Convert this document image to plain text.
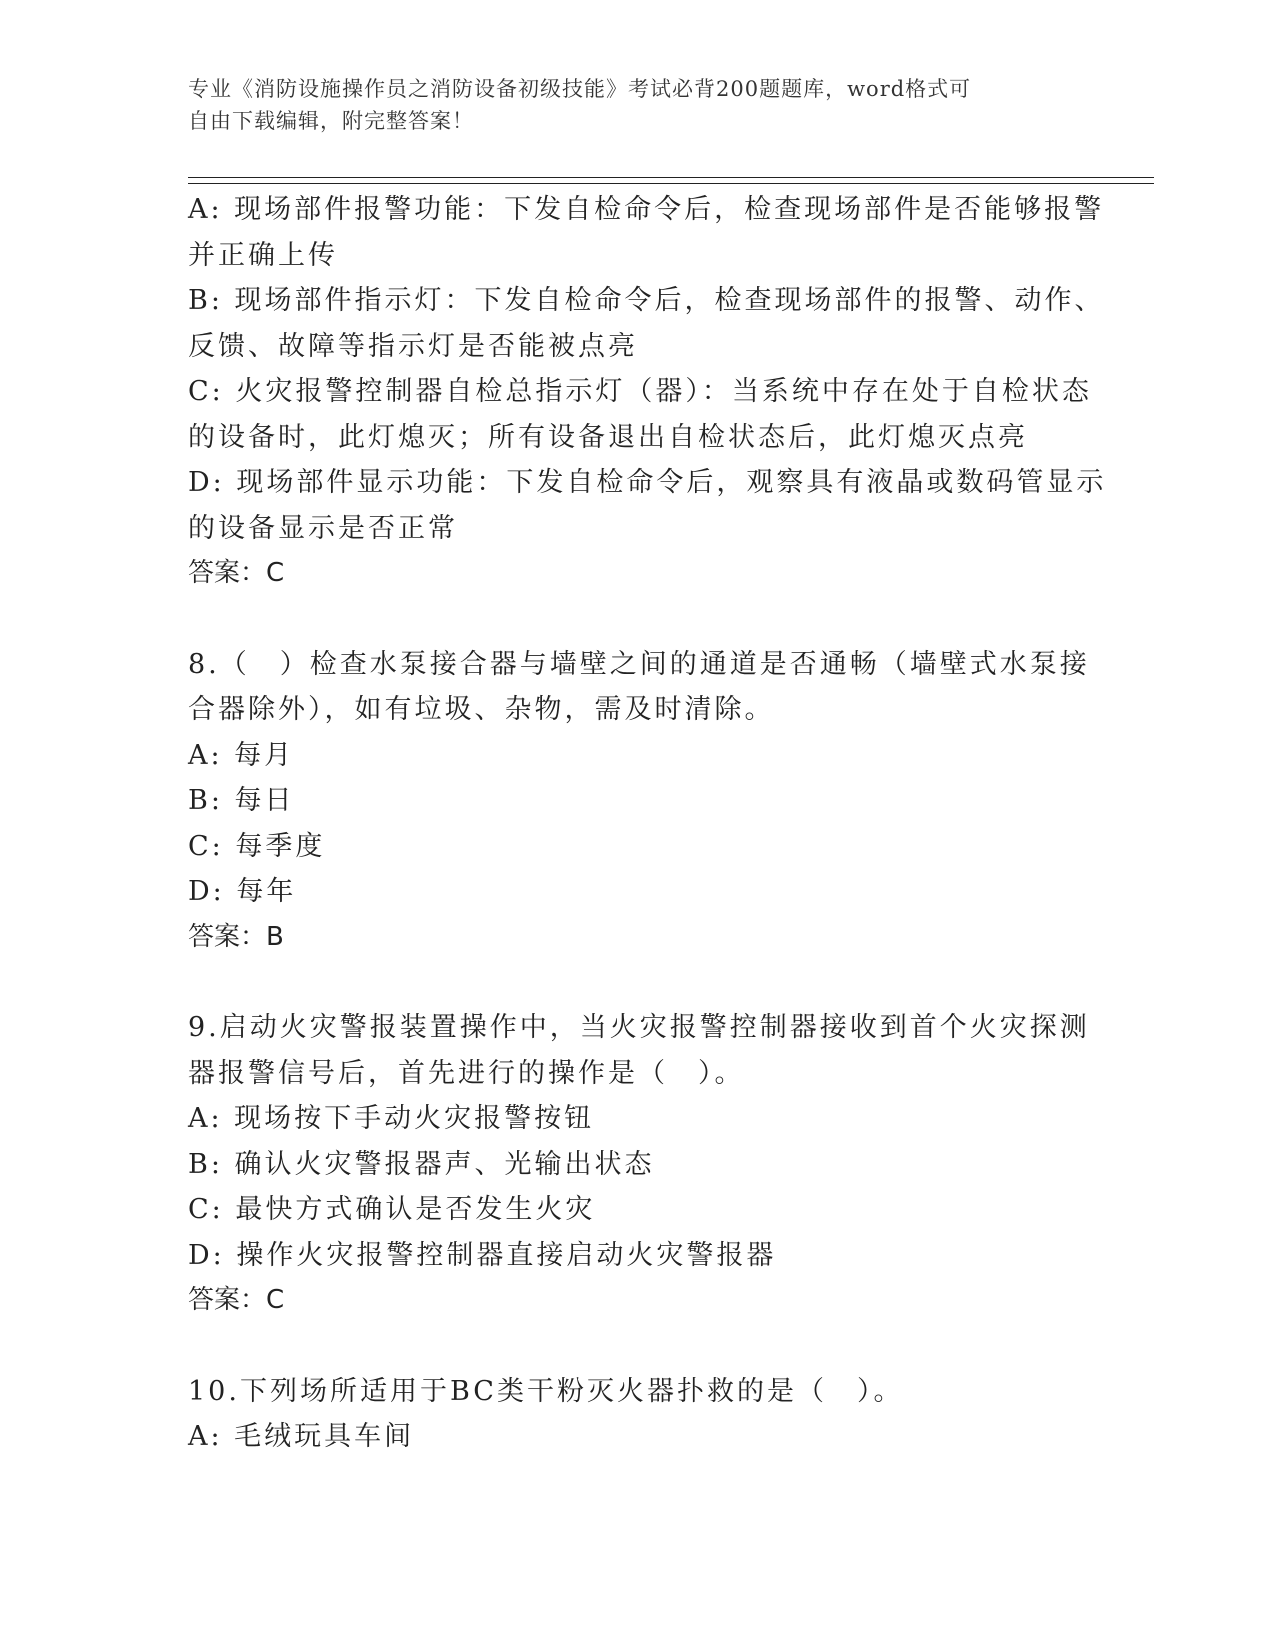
专业《消防设施操作员之消防设备初级技能》考试必背200题题库，word格式可
自由下载编辑，附完整答案！
A: 现场部件报警功能：下发自检命令后，检查现场部件是否能够报警
并正确上传
B: 现场部件指示灯：下发自检命令后，检查现场部件的报警、动作、
反馈、故障等指示灯是否能被点亮
C: 火灾报警控制器自检总指示灯（器）：当系统中存在处于自检状态
的设备时，此灯熄灭；所有设备退出自检状态后，此灯熄灭点亮
D: 现场部件显示功能：下发自检命令后，观察具有液晶或数码管显示
的设备显示是否正常
答案：C
8.（　）检查水泵接合器与墙壁之间的通道是否通畅（墙壁式水泵接
合器除外），如有垃圾、杂物，需及时清除。
A: 每月
B: 每日
C: 每季度
D: 每年
答案：B
9.启动火灾警报装置操作中，当火灾报警控制器接收到首个火灾探测
器报警信号后，首先进行的操作是（　）。
A: 现场按下手动火灾报警按钮
B: 确认火灾警报器声、光输出状态
C: 最快方式确认是否发生火灾
D: 操作火灾报警控制器直接启动火灾警报器
答案：C
10.下列场所适用于BC类干粉灭火器扑救的是（　）。
A: 毛绒玩具车间
